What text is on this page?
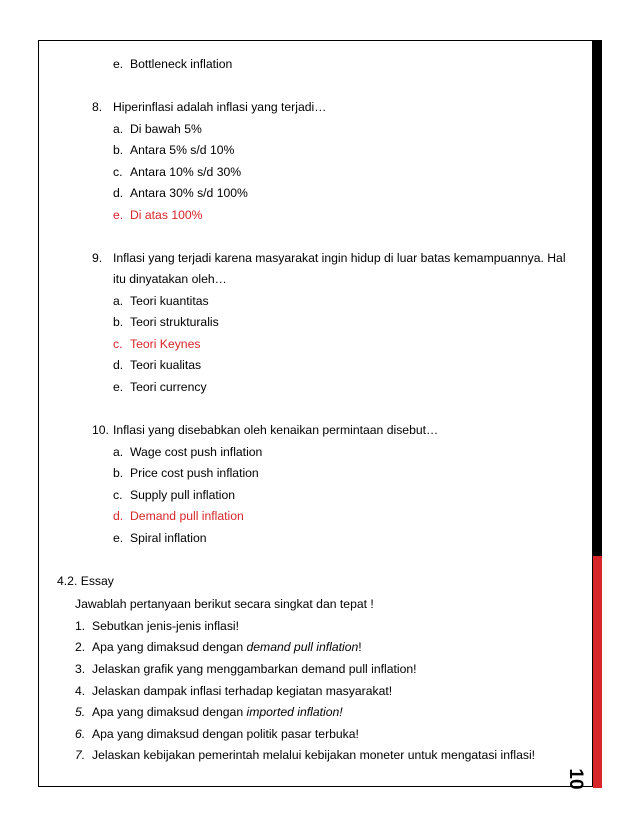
10
e. Bottleneck inflation
8. Hiperinflasi adalah inflasi yang terjadi…
a. Di bawah 5%
b. Antara 5% s/d 10%
c. Antara 10% s/d 30%
d. Antara 30% s/d 100%
e. Di atas 100%
9. Inflasi yang terjadi karena masyarakat ingin hidup di luar batas kemampuannya. Hal
itu dinyatakan oleh…
a. Teori kuantitas
b. Teori strukturalis
c. Teori Keynes
d. Teori kualitas
e. Teori currency
10. Inflasi yang disebabkan oleh kenaikan permintaan disebut…
a. Wage cost push inflation
b. Price cost push inflation
c. Supply pull inflation
d. Demand pull inflation
e. Spiral inflation
4.2. Essay
Jawablah pertanyaan berikut secara singkat dan tepat !
1. Sebutkan jenis-jenis inflasi!
2. Apa yang dimaksud dengan demand pull inflation!
3. Jelaskan grafik yang menggambarkan demand pull inflation!
4. Jelaskan dampak inflasi terhadap kegiatan masyarakat!
5. Apa yang dimaksud dengan imported inflation!
6. Apa yang dimaksud dengan politik pasar terbuka!
7. Jelaskan kebijakan pemerintah melalui kebijakan moneter untuk mengatasi inflasi!
